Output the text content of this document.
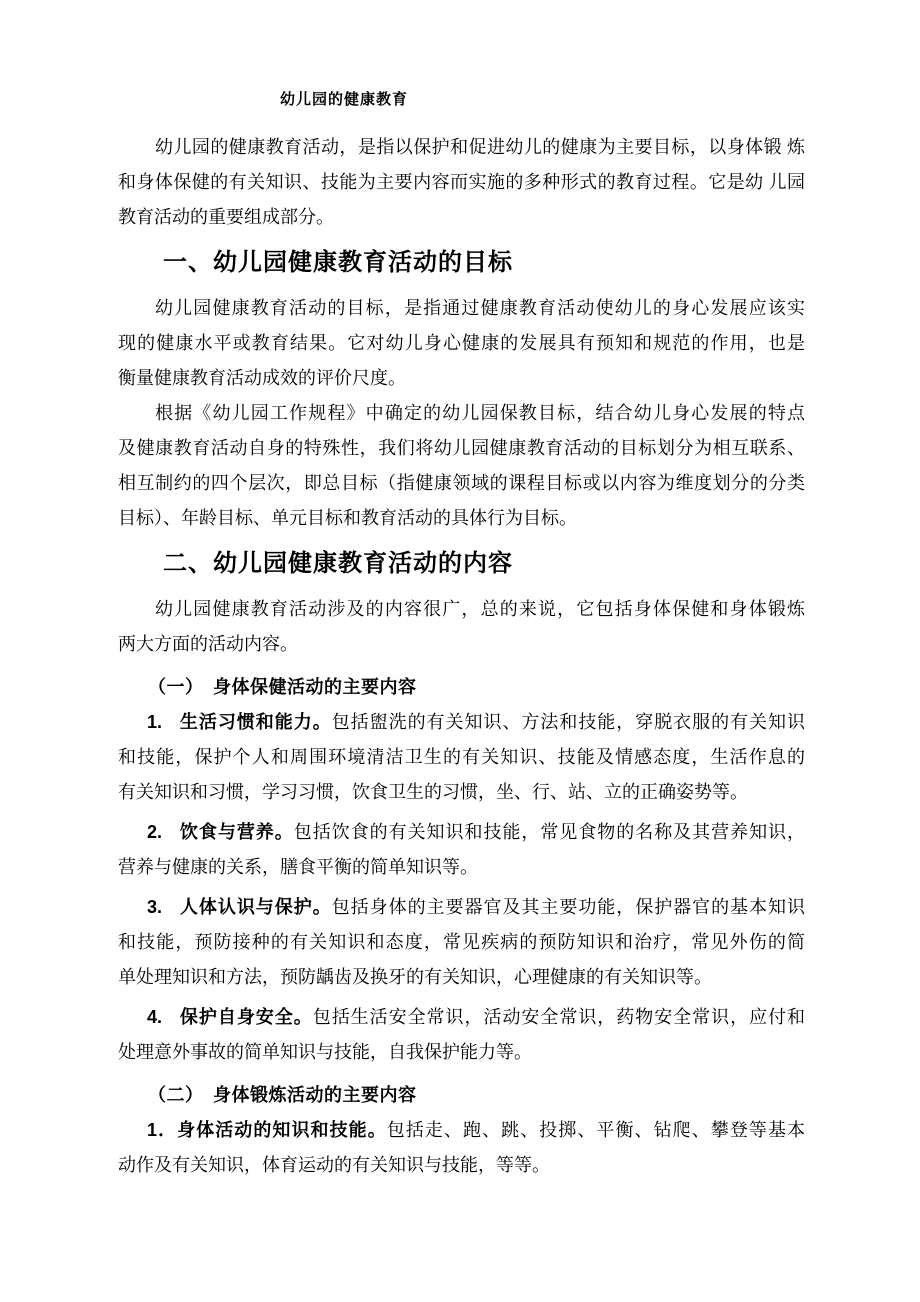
幼儿园的健康教育
幼儿园的健康教育活动，是指以保护和促进幼儿的健康为主要目标，以身体锻 炼
和身体保健的有关知识、技能为主要内容而实施的多种形式的教育过程。它是幼 儿园
教育活动的重要组成部分。
一、幼儿园健康教育活动的目标
幼儿园健康教育活动的目标，是指通过健康教育活动使幼儿的身心发展应该实
现的健康水平或教育结果。它对幼儿身心健康的发展具有预知和规范的作用，也是
衡量健康教育活动成效的评价尺度。
根据《幼儿园工作规程》中确定的幼儿园保教目标，结合幼儿身心发展的特点
及健康教育活动自身的特殊性，我们将幼儿园健康教育活动的目标划分为相互联系、
相互制约的四个层次，即总目标（指健康领域的课程目标或以内容为维度划分的分类
目标）、年龄目标、单元目标和教育活动的具体行为目标。
二、幼儿园健康教育活动的内容
幼儿园健康教育活动涉及的内容很广，总的来说，它包括身体保健和身体锻炼
两大方面的活动内容。
（一）　身体保健活动的主要内容
1.   生活习惯和能力。包括盥洗的有关知识、方法和技能，穿脱衣服的有关知识
和技能，保护个人和周围环境清洁卫生的有关知识、技能及情感态度，生活作息的
有关知识和习惯，学习习惯，饮食卫生的习惯，坐、行、站、立的正确姿势等。
2.   饮食与营养。包括饮食的有关知识和技能，常见食物的名称及其营养知识，
营养与健康的关系，膳食平衡的简单知识等。
3.   人体认识与保护。包括身体的主要器官及其主要功能，保护器官的基本知识
和技能，预防接种的有关知识和态度，常见疾病的预防知识和治疗，常见外伤的简
单处理知识和方法，预防龋齿及换牙的有关知识，心理健康的有关知识等。
4.   保护自身安全。包括生活安全常识，活动安全常识，药物安全常识，应付和
处理意外事故的简单知识与技能，自我保护能力等。
（二）　身体锻炼活动的主要内容
1．身体活动的知识和技能。包括走、跑、跳、投掷、平衡、钻爬、攀登等基本
动作及有关知识，体育运动的有关知识与技能，等等。
